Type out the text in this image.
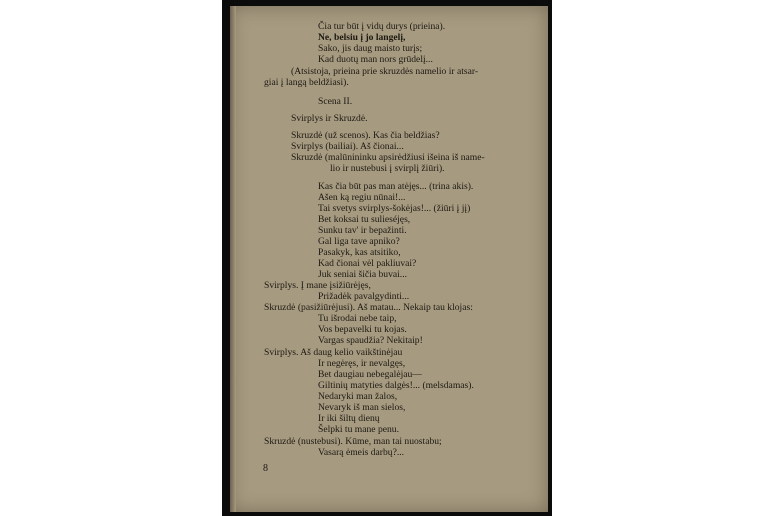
Čia tur būt į vidų durys (prieina).
Ne, belsiu į jo langelį,
Sako, jis daug maisto turįs;
Kad duotų man nors grūdelį...
(Atsistoja, prieina prie skruzdės namelio ir atsar-
giai į langą beldžiasi).
Scena II.
Svirplys ir Skruzdė.
Skruzdė (už scenos). Kas čia beldžias?
Svirplys (bailiai). Aš čionai...
Skruzdė (malūnininku apsirėdžiusi išeina iš name-
lio ir nustebusi į svirplį žiūri).
Kas čia būt pas man atėjęs... (trina akis).
Ašen ką regiu nūnai!...
Tai svetys svirplys-šokėjas!... (žiūri į jį)
Bet koksai tu sulieséjęs,
Sunku tav' ir bepažinti.
Gal liga tave apniko?
Pasakyk, kas atsitiko,
Kad čionai vėl pakliuvai?
Juk seniai šičia buvai...
Svirplys. Į mane įsižiūrėjęs,
Prižadėk pavalgydinti...
Skruzdė (pasižiūrėjusi). Aš matau... Nekaip tau klojas:
Tu išrodai nebe taip,
Vos bepavelki tu kojas.
Vargas spaudžia? Nekitaip!
Svirplys. Aš daug kelio vaikštinėjau
Ir negėręs, ir nevalgęs,
Bet daugiau nebegalėjau—
Giltinių matyties dalgės!... (melsdamas).
Nedaryki man žalos,
Nevaryk iš man sielos,
Ir iki šiltų dienų
Šelpki tu mane penu.
Skruzdė (nustebusi). Kūme, man tai nuostabu;
Vasarą ėmeis darbų?...
8
